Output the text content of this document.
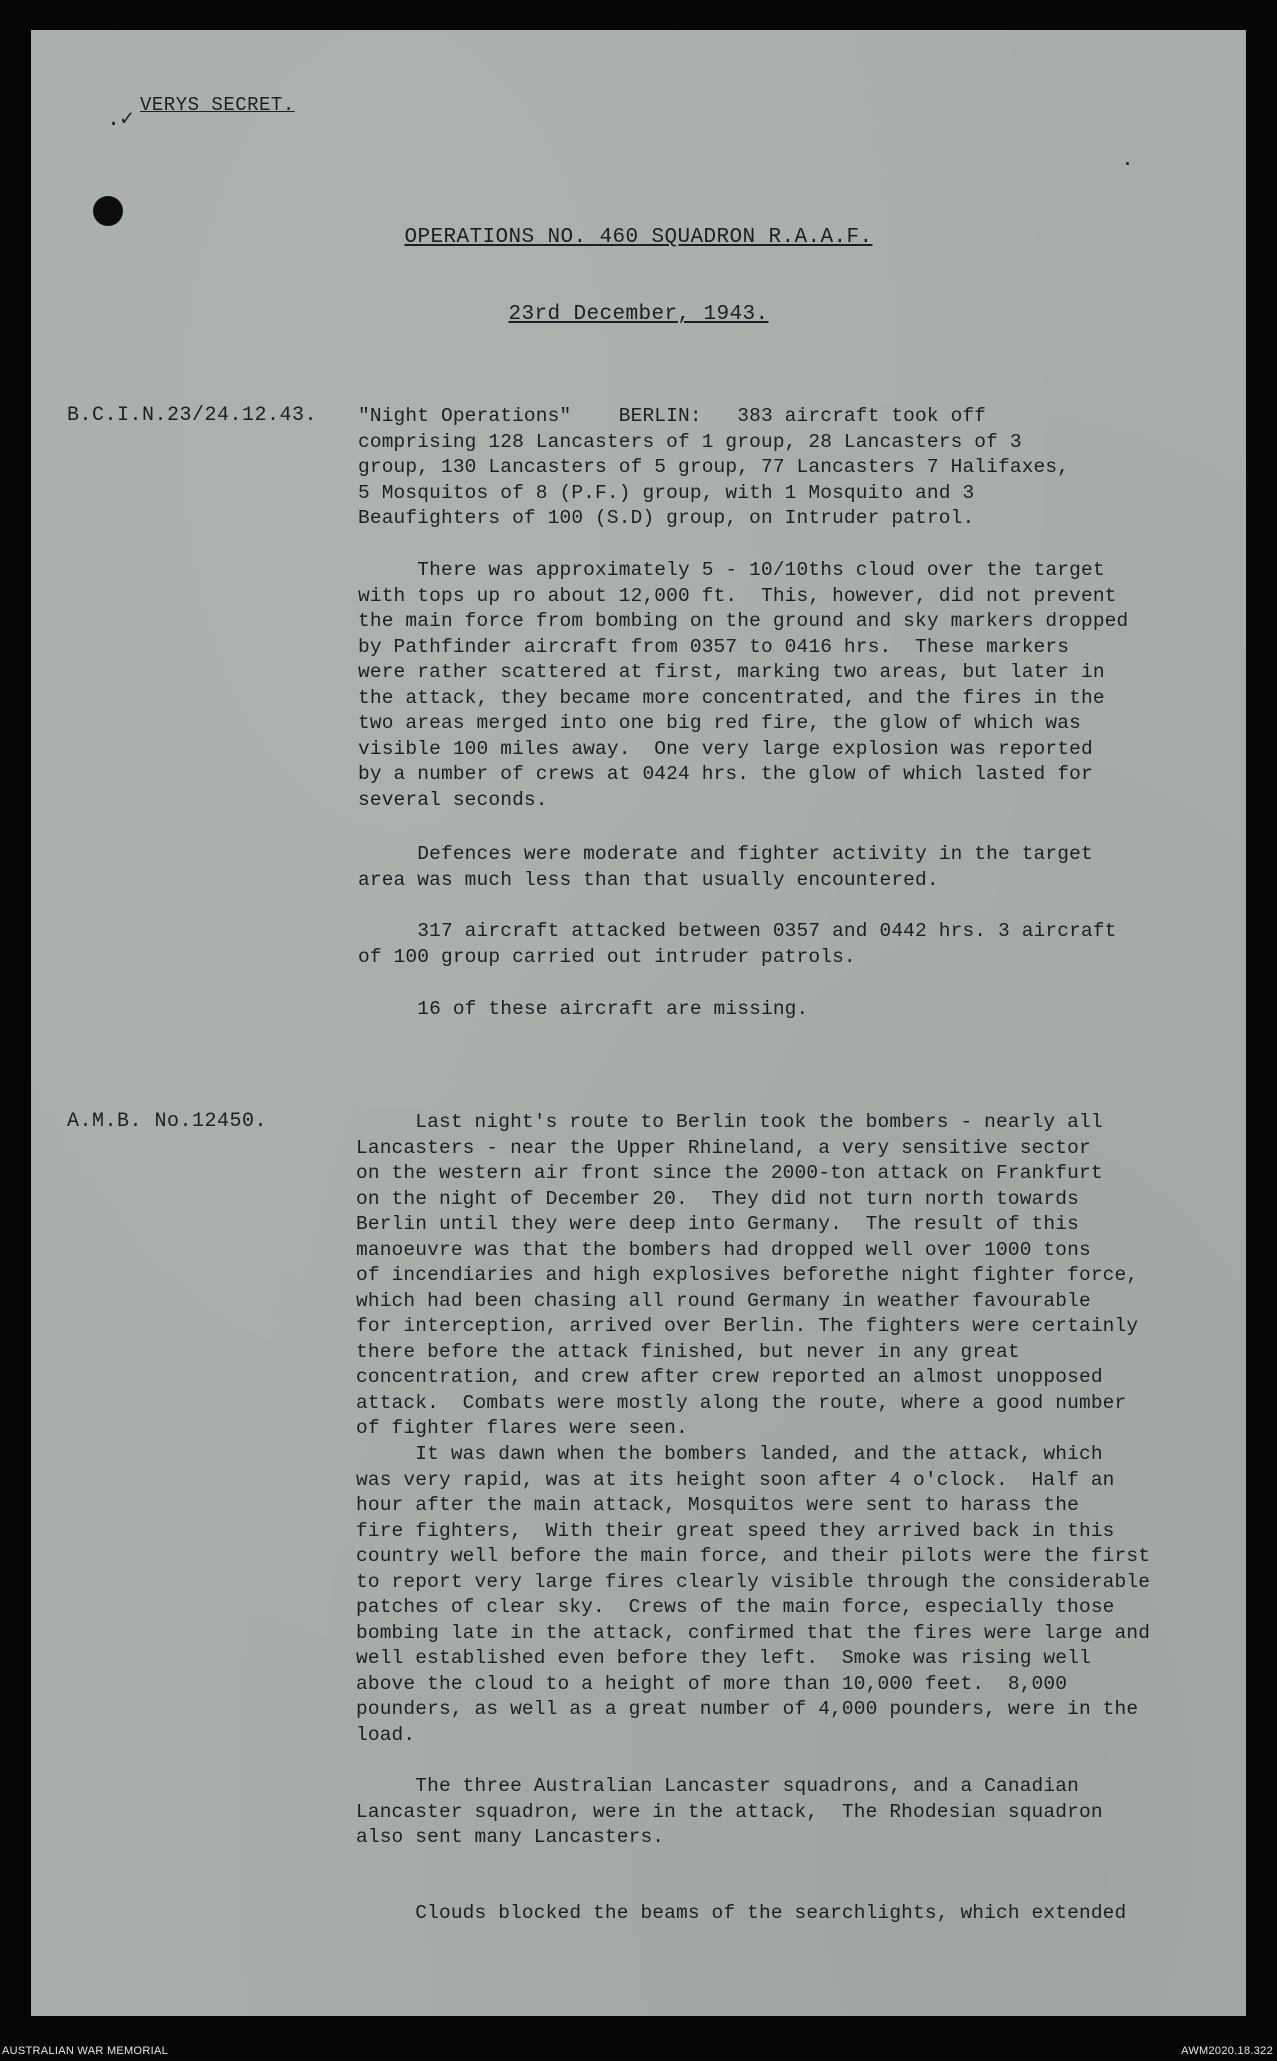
.✓
VERYS SECRET.
OPERATIONS NO. 460 SQUADRON R.A.A.F.
23rd December, 1943.
B.C.I.N.23/24.12.43. "Night Operations"    BERLIN:   383 aircraft took off
comprising 128 Lancasters of 1 group, 28 Lancasters of 3
group, 130 Lancasters of 5 group, 77 Lancasters 7 Halifaxes,
5 Mosquitos of 8 (P.F.) group, with 1 Mosquito and 3
Beaufighters of 100 (S.D) group, on Intruder patrol.
There was approximately 5 - 10/10ths cloud over the target
with tops up ro about 12,000 ft.  This, however, did not prevent
the main force from bombing on the ground and sky markers dropped
by Pathfinder aircraft from 0357 to 0416 hrs.  These markers
were rather scattered at first, marking two areas, but later in
the attack, they became more concentrated, and the fires in the
two areas merged into one big red fire, the glow of which was
visible 100 miles away.  One very large explosion was reported
by a number of crews at 0424 hrs. the glow of which lasted for
several seconds.
Defences were moderate and fighter activity in the target
area was much less than that usually encountered.
317 aircraft attacked between 0357 and 0442 hrs. 3 aircraft
of 100 group carried out intruder patrols.
16 of these aircraft are missing.
A.M.B. No.12450.	Last night's route to Berlin took the bombers - nearly all
Lancasters - near the Upper Rhineland, a very sensitive sector
on the western air front since the 2000-ton attack on Frankfurt
on the night of December 20.  They did not turn north towards
Berlin until they were deep into Germany.  The result of this
manoeuvre was that the bombers had dropped well over 1000 tons
of incendiaries and high explosives beforethe night fighter force,
which had been chasing all round Germany in weather favourable
for interception, arrived over Berlin. The fighters were certainly
there before the attack finished, but never in any great
concentration, and crew after crew reported an almost unopposed
attack.  Combats were mostly along the route, where a good number
of fighter flares were seen.
It was dawn when the bombers landed, and the attack, which
was very rapid, was at its height soon after 4 o'clock.  Half an
hour after the main attack, Mosquitos were sent to harass the
fire fighters,  With their great speed they arrived back in this
country well before the main force, and their pilots were the first
to report very large fires clearly visible through the considerable
patches of clear sky.  Crews of the main force, especially those
bombing late in the attack, confirmed that the fires were large and
well established even before they left.  Smoke was rising well
above the cloud to a height of more than 10,000 feet.  8,000
pounders, as well as a great number of 4,000 pounders, were in the
load.
The three Australian Lancaster squadrons, and a Canadian
Lancaster squadron, were in the attack,  The Rhodesian squadron
also sent many Lancasters.
Clouds blocked the beams of the searchlights, which extended
AUSTRALIAN WAR MEMORIAL	AWM2020.18.322
